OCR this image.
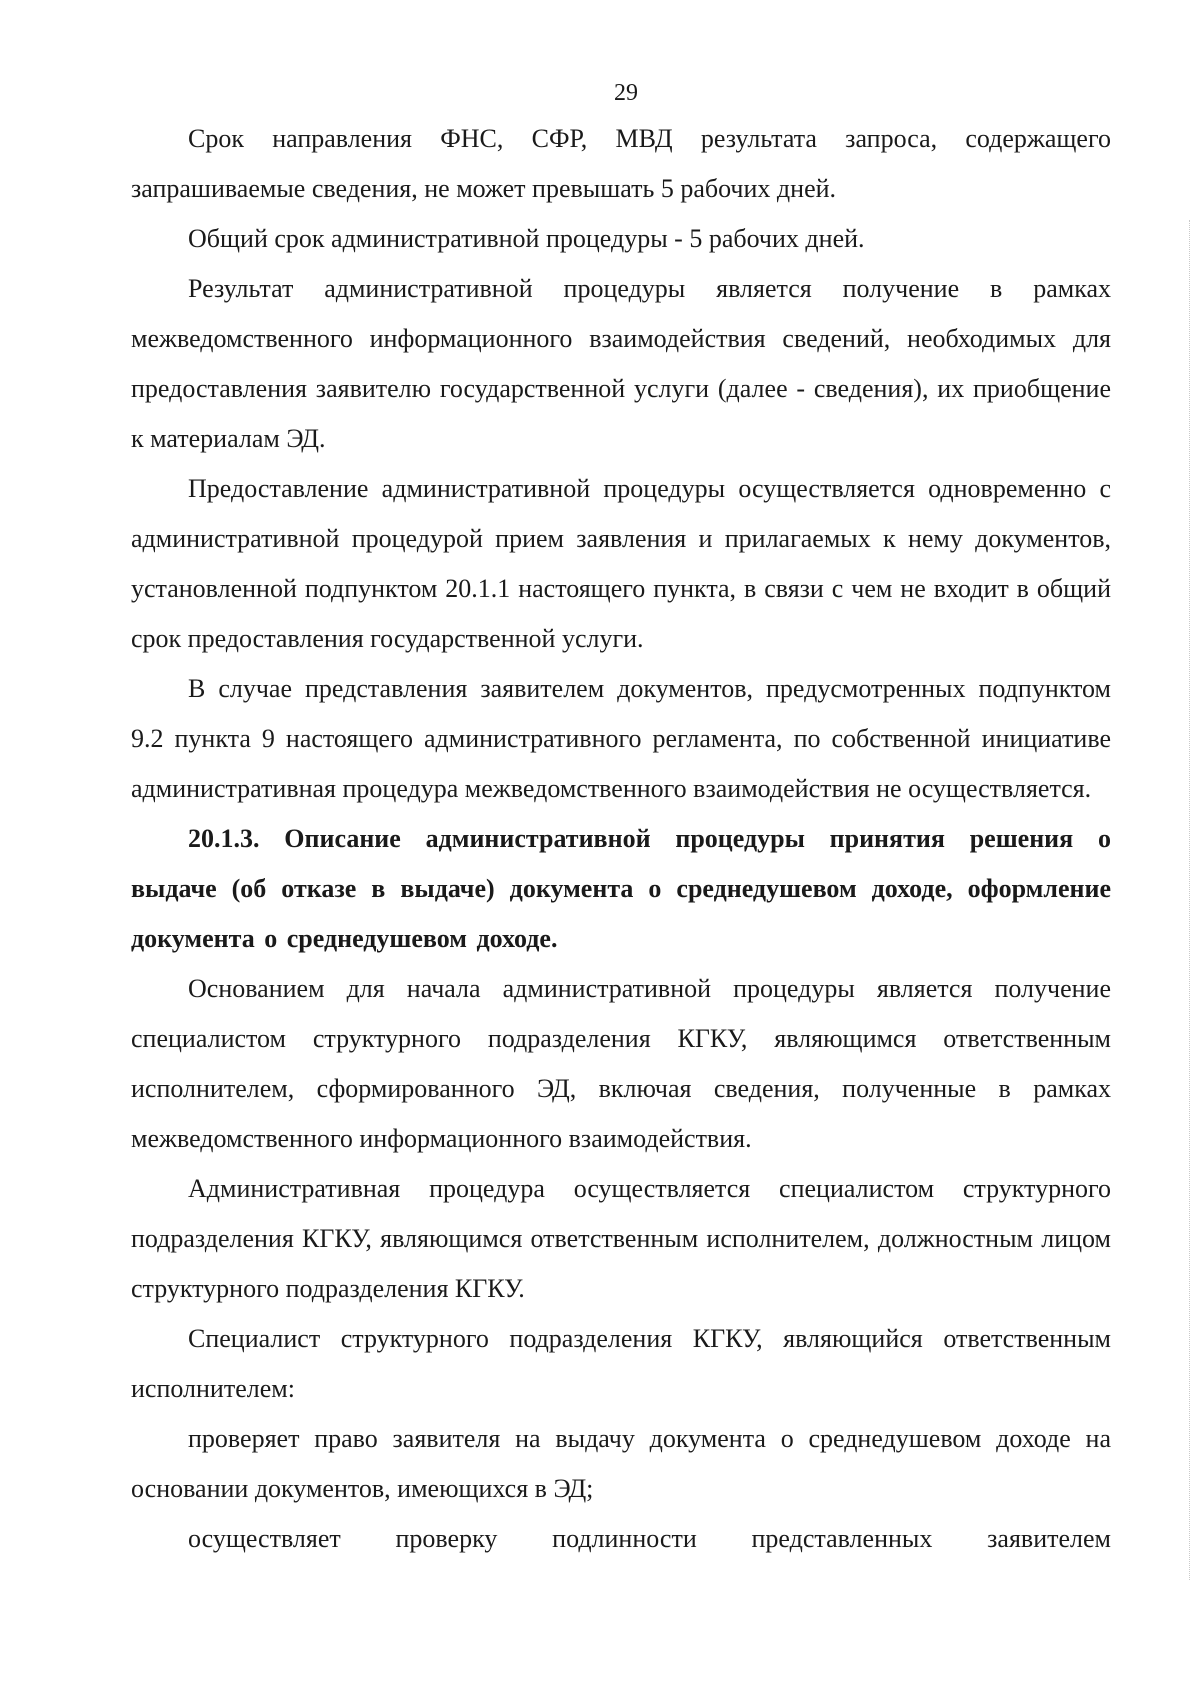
29

Срок направления ФНС, СФР, МВД результата запроса, содержащего запрашиваемые сведения, не может превышать 5 рабочих дней.

Общий срок административной процедуры - 5 рабочих дней.

Результат административной процедуры является получение в рамках межведомственного информационного взаимодействия сведений, необходимых для предоставления заявителю государственной услуги (далее - сведения), их приобщение к материалам ЭД.

Предоставление административной процедуры осуществляется одновременно с административной процедурой прием заявления и прилагаемых к нему документов, установленной подпунктом 20.1.1 настоящего пункта, в связи с чем не входит в общий срок предоставления государственной услуги.

В случае представления заявителем документов, предусмотренных подпунктом 9.2 пункта 9 настоящего административного регламента, по собственной инициативе административная процедура межведомственного взаимодействия не осуществляется.

20.1.3. Описание административной процедуры принятия решения о выдаче (об отказе в выдаче) документа о среднедушевом доходе, оформление документа о среднедушевом доходе.

Основанием для начала административной процедуры является получение специалистом структурного подразделения КГКУ, являющимся ответственным исполнителем, сформированного ЭД, включая сведения, полученные в рамках межведомственного информационного взаимодействия.

Административная процедура осуществляется специалистом структурного подразделения КГКУ, являющимся ответственным исполнителем, должностным лицом структурного подразделения КГКУ.

Специалист структурного подразделения КГКУ, являющийся ответственным исполнителем:

проверяет право заявителя на выдачу документа о среднедушевом доходе на основании документов, имеющихся в ЭД;

осуществляет проверку подлинности представленных заявителем
